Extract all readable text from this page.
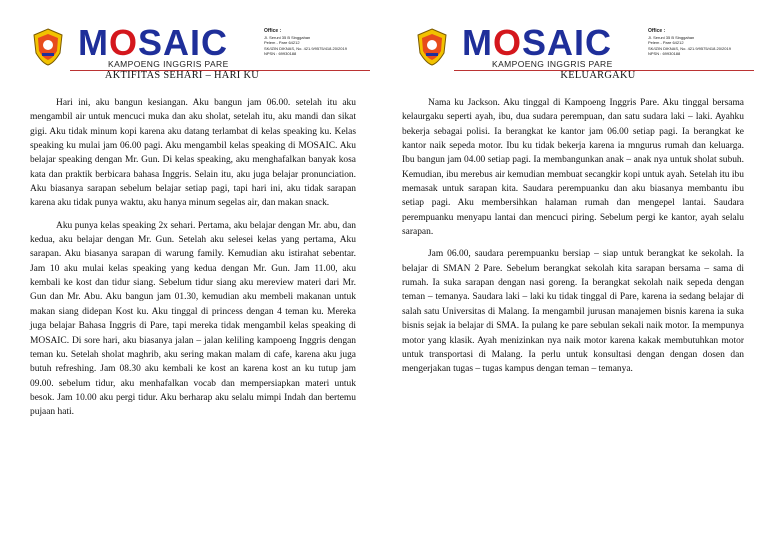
MOSAIC
KAMPOENG INGGRIS PARE
Office :
Jl. Seruni 35 B Singgahan
Pelem - Pare 64212
SK/IZIN DIKNAS, No. 421.9/9575/418.20/2019
NPSN : 69930188
AKTIFITAS SEHARI – HARI KU

Hari ini, aku bangun kesiangan. Aku bangun jam 06.00. setelah itu aku mengambil air untuk mencuci muka dan aku sholat, setelah itu, aku mandi dan sikat gigi. Aku tidak minum kopi karena aku datang terlambat di kelas speaking ku. Kelas speaking ku mulai jam 06.00 pagi. Aku mengambil kelas speaking di MOSAIC. Aku belajar speaking dengan Mr. Gun. Di kelas speaking, aku menghafalkan banyak kosa kata dan praktik berbicara bahasa Inggris. Selain itu, aku juga belajar pronunciation. Aku biasanya sarapan sebelum belajar setiap pagi, tapi hari ini, aku tidak sarapan karena aku tidak punya waktu, aku hanya minum segelas air, dan makan snack.

Aku punya kelas speaking 2x sehari. Pertama, aku belajar dengan Mr. abu, dan kedua, aku belajar dengan Mr. Gun. Setelah aku selesei kelas yang pertama, Aku sarapan. Aku biasanya sarapan di warung family. Kemudian aku istirahat sebentar. Jam 10 aku mulai kelas speaking yang kedua dengan Mr. Gun. Jam 11.00, aku kembali ke kost dan tidur siang. Sebelum tidur siang aku mereview materi dari Mr. Gun dan Mr. Abu. Aku bangun jam 01.30, kemudian aku membeli makanan untuk makan siang didepan Kost ku. Aku tinggal di princess dengan 4 teman ku. Mereka juga belajar Bahasa Inggris di Pare, tapi mereka tidak mengambil kelas speaking di MOSAIC. Di sore hari, aku biasanya jalan – jalan keliling kampoeng Inggris dengan teman ku. Setelah sholat maghrib, aku sering makan malam di cafe, karena aku juga butuh refreshing. Jam 08.30 aku kembali ke kost an karena kost an ku tutup jam 09.00. sebelum tidur, aku menhafalkan vocab dan mempersiapkan materi untuk besok. Jam 10.00 aku pergi tidur. Aku berharap aku selalu mimpi Indah dan bertemu pujaan hati.

MOSAIC
KAMPOENG INGGRIS PARE
Office :
Jl. Seruni 35 B Singgahan
Pelem - Pare 64212
SK/IZIN DIKNAS, No. 421.9/9575/418.20/2019
NPSN : 69930188
KELUARGAKU

Nama ku Jackson. Aku tinggal di Kampoeng Inggris Pare. Aku tinggal bersama kelaurgaku seperti ayah, ibu, dua sudara perempuan, dan satu sudara laki – laki. Ayahku bekerja sebagai polisi. Ia berangkat ke kantor jam 06.00 setiap pagi. Ia berangkat ke kantor naik sepeda motor. Ibu ku tidak bekerja karena ia mngurus rumah dan keluarga. Ibu bangun jam 04.00 setiap pagi. Ia membangunkan anak – anak nya untuk sholat subuh. Kemudian, ibu merebus air kemudian membuat secangkir kopi untuk ayah. Setelah itu ibu memasak untuk sarapan kita. Saudara perempuanku dan aku biasanya membantu ibu setiap pagi. Aku membersihkan halaman rumah dan mengepel lantai. Saudara perempuanku menyapu lantai dan mencuci piring. Sebelum pergi ke kantor, ayah selalu sarapan.

Jam 06.00, saudara perempuanku bersiap – siap untuk berangkat ke sekolah. Ia belajar di SMAN 2 Pare. Sebelum berangkat sekolah kita sarapan bersama – sama di rumah. Ia suka sarapan dengan nasi goreng. Ia berangkat sekolah naik sepeda dengan teman – temanya. Saudara laki – laki ku tidak tinggal di Pare, karena ia sedang belajar di salah satu Universitas di Malang. Ia mengambil jurusan manajemen bisnis karena ia suka bisnis sejak ia belajar di SMA. Ia pulang ke pare sebulan sekali naik motor. Ia mempunya motor yang klasik. Ayah menizinkan nya naik motor karena kakak membutuhkan motor untuk transportasi di Malang. Ia perlu untuk konsultasi dengan dengan dosen dan mengerjakan tugas – tugas kampus dengan teman – temanya.
